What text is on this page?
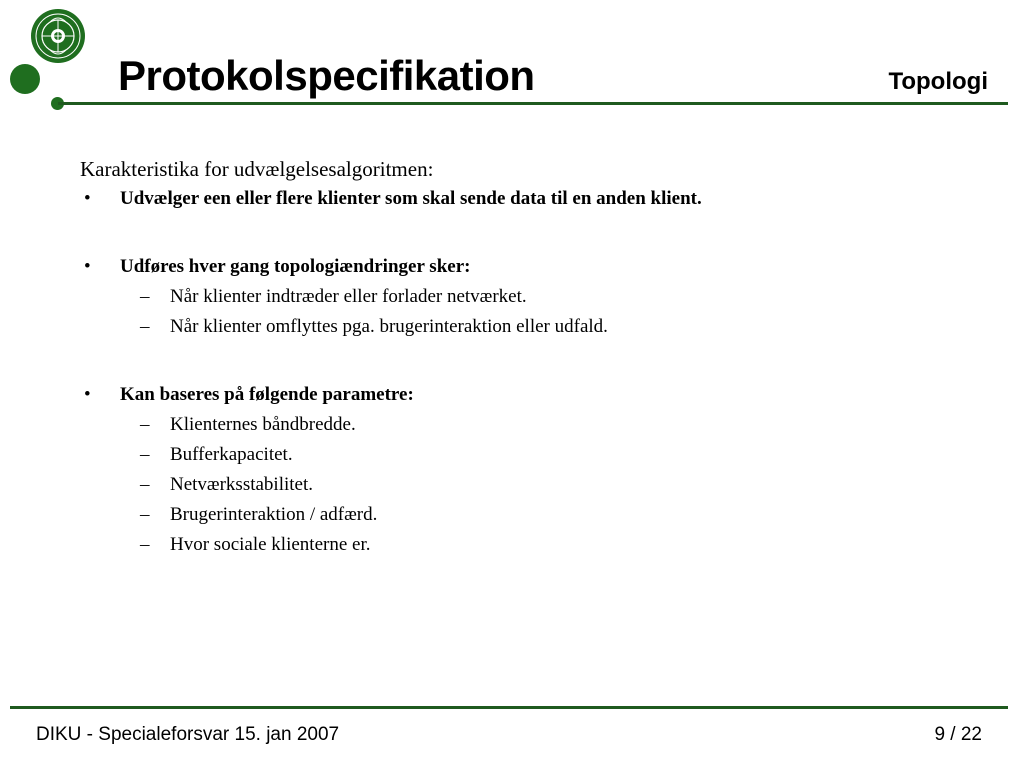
Protokolspecifikation	Topologi

Karakteristika for udvælgelsesalgoritmen:

• Udvælger een eller flere klienter som skal sende data til en anden klient.

• Udføres hver gang topologiændringer sker:

– Når klienter indtræder eller forlader netværket.

– Når klienter omflyttes pga. brugerinteraktion eller udfald.

• Kan baseres på følgende parametre:

– Klienternes båndbredde.

– Bufferkapacitet.

– Netværksstabilitet.

– Brugerinteraktion / adfærd.

– Hvor sociale klienterne er.

DIKU - Specialeforsvar 15. jan 2007	9 / 22
